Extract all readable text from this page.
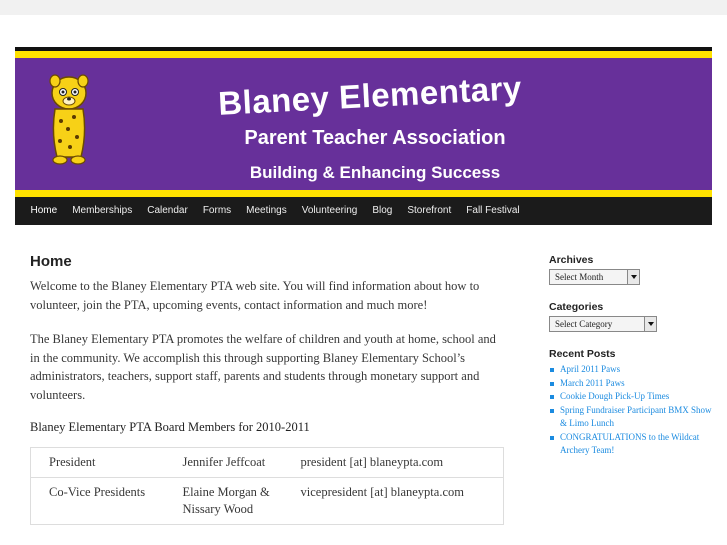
Blaney Elementary
Parent Teacher Association
Building & Enhancing Success
Home	Memberships	Calendar	Forms	Meetings	Volunteering	Blog	Storefront	Fall Festival
Home

Welcome to the Blaney Elementary PTA web site. You will find information about how to volunteer, join the PTA, upcoming events, contact information and much more!

The Blaney Elementary PTA promotes the welfare of children and youth at home, school and in the community. We accomplish this through supporting Blaney Elementary School’s administrators, teachers, support staff, parents and students through monetary support and volunteers.

Blaney Elementary PTA Board Members for 2010-2011
President	Jennifer Jeffcoat	president [at] blaneypta.com
Co-Vice Presidents	Elaine Morgan & Nissary Wood	vicepresident [at] blaneypta.com
Archives
Select Month
Categories
Select Category
Recent Posts
April 2011 Paws
March 2011 Paws
Cookie Dough Pick-Up Times
Spring Fundraiser Participant BMX Show & Limo Lunch
CONGRATULATIONS to the Wildcat Archery Team!
